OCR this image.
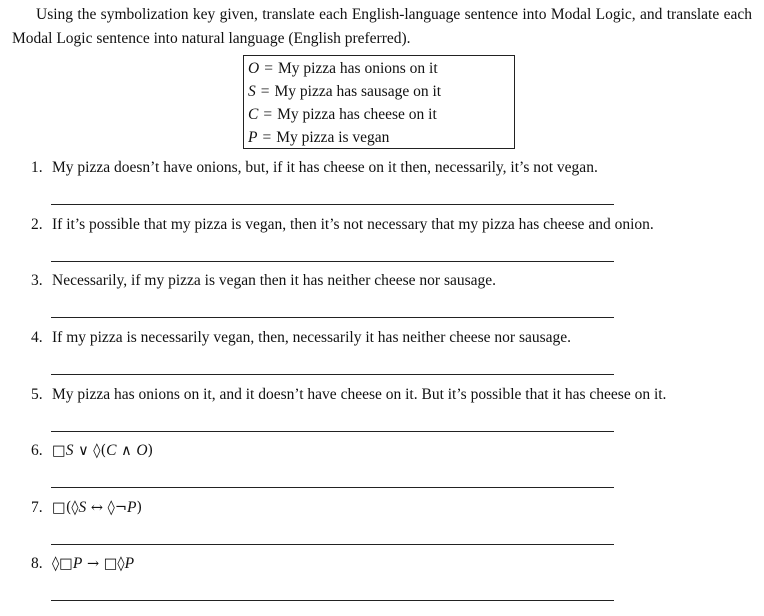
Using the symbolization key given, translate each English-language sentence into Modal Logic, and translate each Modal Logic sentence into natural language (English preferred).

O = My pizza has onions on it
S = My pizza has sausage on it
C = My pizza has cheese on it
P = My pizza is vegan
1. My pizza doesn’t have onions, but, if it has cheese on it then, necessarily, it’s not vegan.
2. If it’s possible that my pizza is vegan, then it’s not necessary that my pizza has cheese and onion.
3. Necessarily, if my pizza is vegan then it has neither cheese nor sausage.
4. If my pizza is necessarily vegan, then, necessarily it has neither cheese nor sausage.
5. My pizza has onions on it, and it doesn’t have cheese on it. But it’s possible that it has cheese on it.
6. □S ∨ ◊(C ∧ O)
7. □(◊S ↔ ◊¬P)
8. ◊□P → □◊P
